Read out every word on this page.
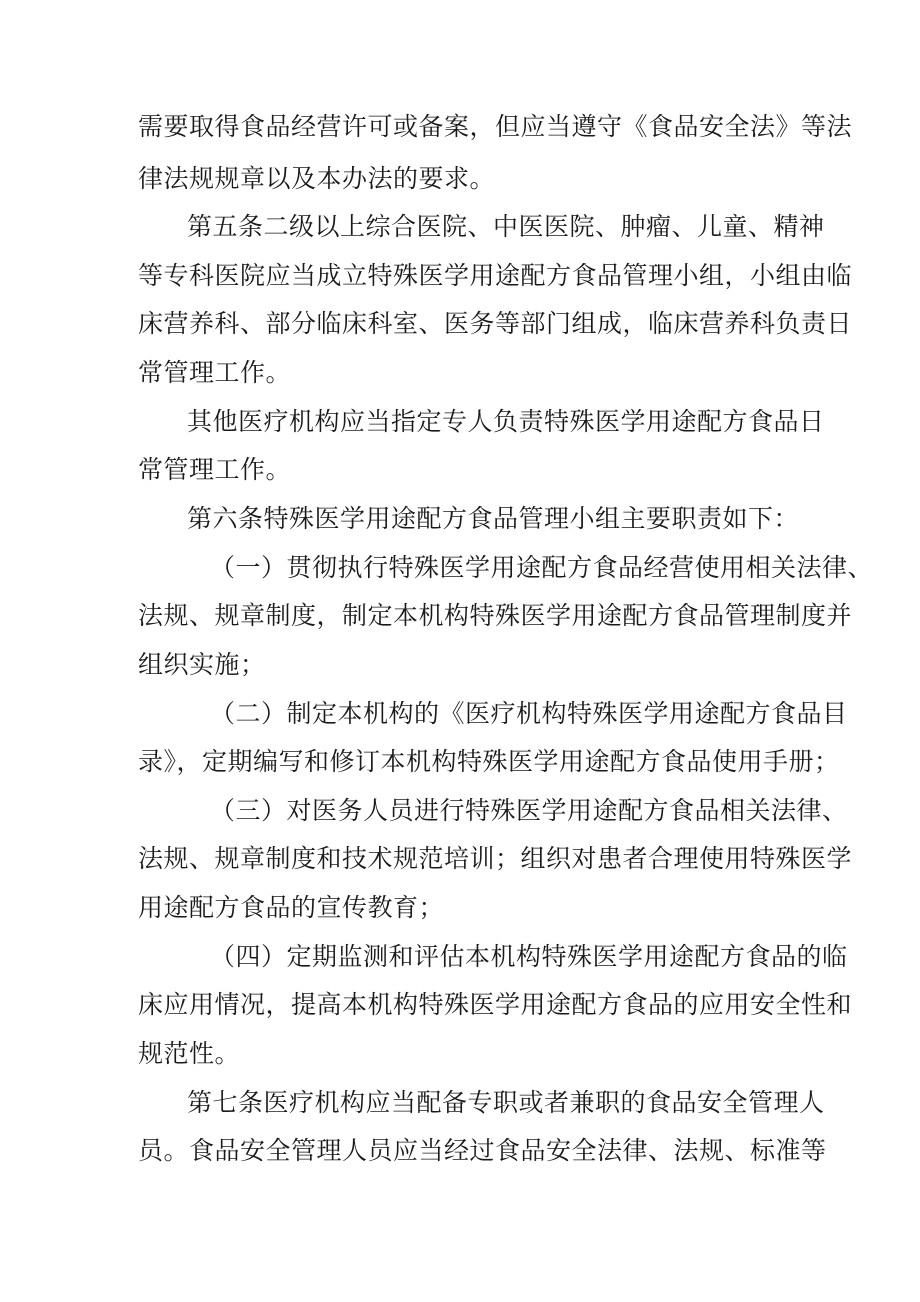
需要取得食品经营许可或备案，但应当遵守《食品安全法》等法
律法规规章以及本办法的要求。
第五条二级以上综合医院、中医医院、肿瘤、儿童、精神
等专科医院应当成立特殊医学用途配方食品管理小组，小组由临
床营养科、部分临床科室、医务等部门组成，临床营养科负责日
常管理工作。
其他医疗机构应当指定专人负责特殊医学用途配方食品日
常管理工作。
第六条特殊医学用途配方食品管理小组主要职责如下：
（一）贯彻执行特殊医学用途配方食品经营使用相关法律、
法规、规章制度，制定本机构特殊医学用途配方食品管理制度并
组织实施；
（二）制定本机构的《医疗机构特殊医学用途配方食品目
录》，定期编写和修订本机构特殊医学用途配方食品使用手册；
（三）对医务人员进行特殊医学用途配方食品相关法律、
法规、规章制度和技术规范培训；组织对患者合理使用特殊医学
用途配方食品的宣传教育；
（四）定期监测和评估本机构特殊医学用途配方食品的临
床应用情况，提高本机构特殊医学用途配方食品的应用安全性和
规范性。
第七条医疗机构应当配备专职或者兼职的食品安全管理人
员。食品安全管理人员应当经过食品安全法律、法规、标准等
